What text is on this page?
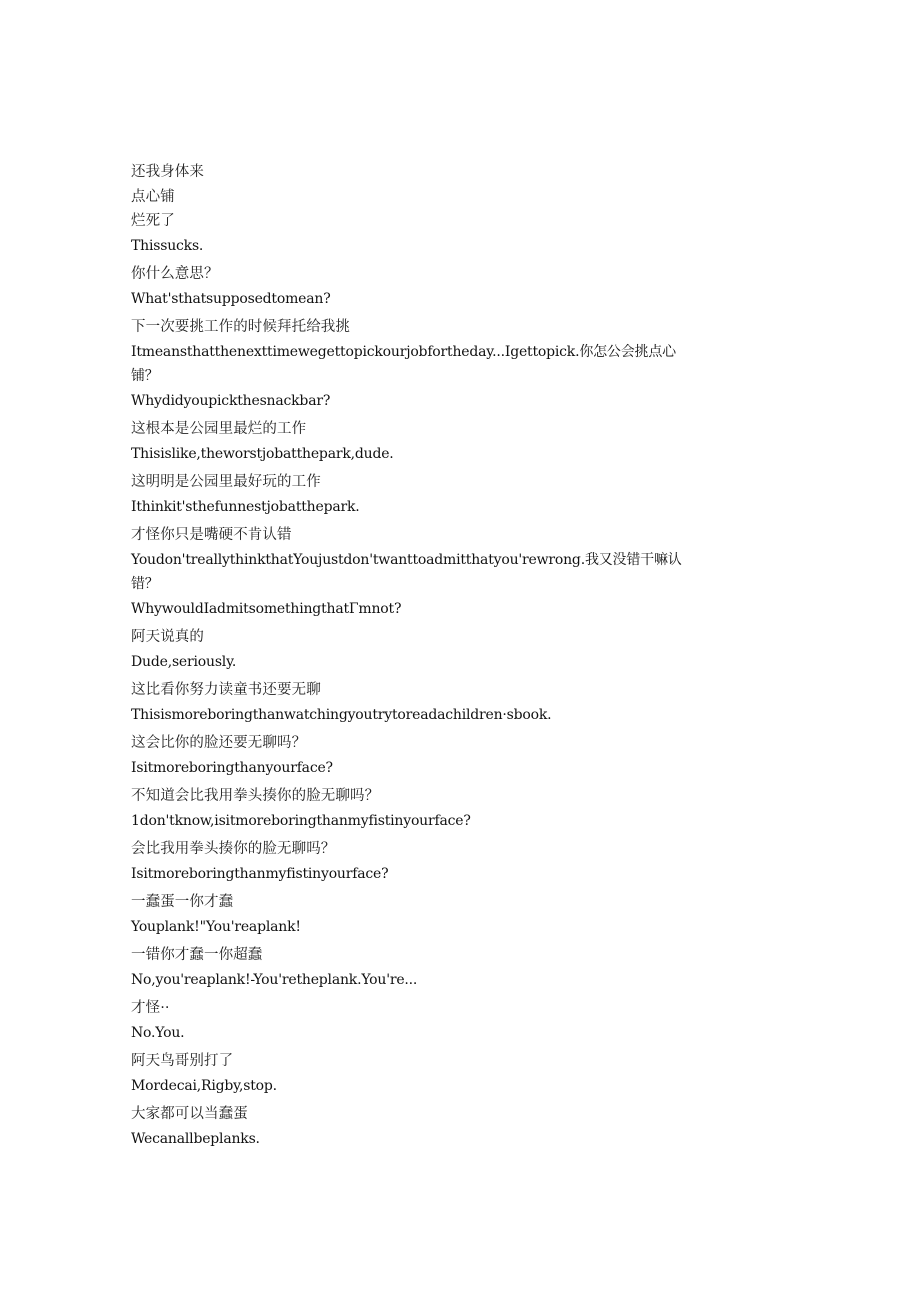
还我身体来
点心铺
烂死了
Thissucks.
你什么意思？
What'sthatsupposedtomean?
下一次要挑工作的时候拜托给我挑
Itmeansthatthenexttimewegettopickourjobfortheday...Igettopick.你怎公会挑点心铺？
Whydidyoupickthesnackbar?
这根本是公园里最烂的工作
Thisislike,theworstjobatthepark,dude.
这明明是公园里最好玩的工作
Ithinkit'sthefunnestjobatthepark.
才怪你只是嘴硬不肯认错
Youdon'treallythinkthatYoujustdon'twanttoadmitthatyou'rewrong.我又没错干嘛认错？
WhywouldIadmitsomethingthatΓmnot?
阿天说真的
Dude,seriously.
这比看你努力读童书还要无聊
Thisismoreboringthanwatchingyoutrytoreadachildren·sbook.
这会比你的脸还要无聊吗？
Isitmoreboringthanyourface?
不知道会比我用拳头揍你的脸无聊吗？
1don'tknow,isitmoreboringthanmyfistinyourface?
会比我用拳头揍你的脸无聊吗？
Isitmoreboringthanmyfistinyourface?
一蠢蛋一你才蠢
Youplank!"You'reaplank!
一错你才蠢一你超蠢
No,you'reaplank!-You'retheplank.You're...
才怪··
No.You.
阿天鸟哥别打了
Mordecai,Rigby,stop.
大家都可以当蠢蛋
Wecanallbeplanks.
